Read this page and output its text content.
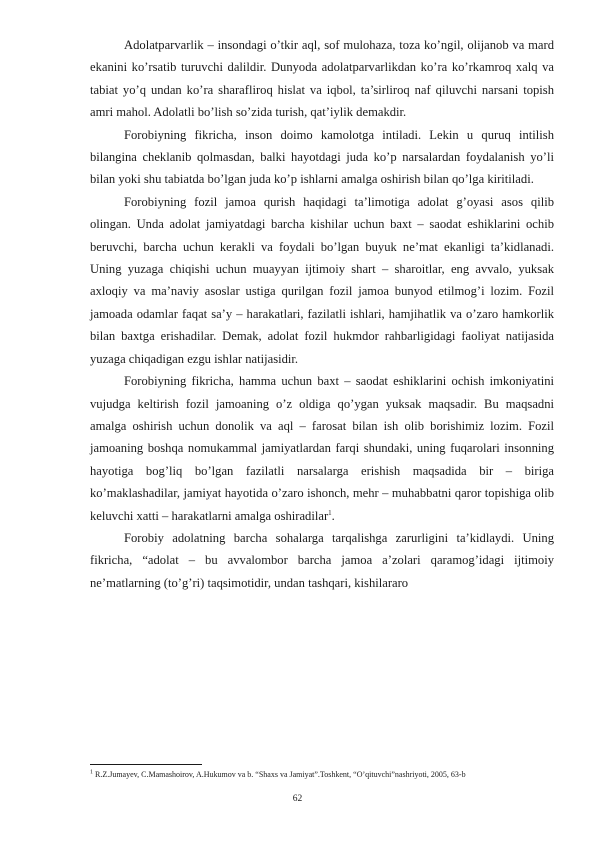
Adolatparvarlik – insondagi o’tkir aql, sof mulohaza, toza ko’ngil, olijanob va mard ekanini ko’rsatib turuvchi dalildir. Dunyoda adolatparvarlikdan ko’ra ko’rkamroq xalq va tabiat yo’q undan ko’ra sharafliroq hislat va iqbol, ta’sirliroq naf qiluvchi narsani topish amri mahol. Adolatli bo’lish so’zida turish, qat’iylik demakdir.

Forobiyning fikricha, inson doimo kamolotga intiladi. Lekin u quruq intilish bilangina cheklanib qolmasdan, balki hayotdagi juda ko’p narsalardan foydalanish yo’li bilan yoki shu tabiatda bo’lgan juda ko’p ishlarni amalga oshirish bilan qo’lga kiritiladi.

Forobiyning fozil jamoa qurish haqidagi ta’limotiga adolat g’oyasi asos qilib olingan. Unda adolat jamiyatdagi barcha kishilar uchun baxt – saodat eshiklarini ochib beruvchi, barcha uchun kerakli va foydali bo’lgan buyuk ne’mat ekanligi ta’kidlanadi. Uning yuzaga chiqishi uchun muayyan ijtimoiy shart – sharoitlar, eng avvalo, yuksak axloqiy va ma’naviy asoslar ustiga qurilgan fozil jamoa bunyod etilmog’i lozim. Fozil jamoada odamlar faqat sa’y – harakatlari, fazilatli ishlari, hamjihatlik va o’zaro hamkorlik bilan baxtga erishadilar. Demak, adolat fozil hukmdor rahbarligidagi faoliyat natijasida yuzaga chiqadigan ezgu ishlar natijasidir.

Forobiyning fikricha, hamma uchun baxt – saodat eshiklarini ochish imkoniyatini vujudga keltirish fozil jamoaning o’z oldiga qo’ygan yuksak maqsadir. Bu maqsadni amalga oshirish uchun donolik va aql – farosat bilan ish olib borishimiz lozim. Fozil jamoaning boshqa nomukammal jamiyatlardan farqi shundaki, uning fuqarolari insonning hayotiga bog’liq bo’lgan fazilatli narsalarga erishish maqsadida bir – biriga ko’maklashadilar, jamiyat hayotida o’zaro ishonch, mehr – muhabbatni qaror topishiga olib keluvchi xatti – harakatlarni amalga oshiradilar$^1$.

Forobiy adolatning barcha sohalarga tarqalishga zarurligini ta’kidlaydi. Uning fikricha, “adolat – bu avvalombor barcha jamoa a’zolari qaramog’idagi ijtimoiy ne’matlarning (to’g’ri) taqsimotidir, undan tashqari, kishilararo

$^1$ R.Z.Jumayev, C.Mamashoirov, A.Hukumov va b. “Shaxs va Jamiyat”.Toshkent, “O’qituvchi”nashriyoti, 2005, 63-b
62
